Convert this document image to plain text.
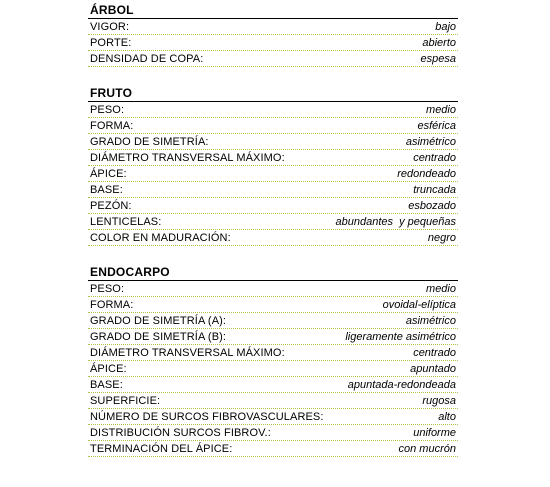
ÁRBOL
VIGOR:	bajo
PORTE:	abierto
DENSIDAD DE COPA:	espesa
FRUTO
PESO:	medio
FORMA:	esférica
GRADO DE SIMETRÍA:	asimétrico
DIÁMETRO TRANSVERSAL MÁXIMO:	centrado
ÁPICE:	redondeado
BASE:	truncada
PEZÓN:	esbozado
LENTICELAS:	abundantes  y pequeñas
COLOR EN MADURACIÓN:	negro
ENDOCARPO
PESO:	medio
FORMA:	ovoidal-elíptica
GRADO DE SIMETRÍA (A):	asimétrico
GRADO DE SIMETRÍA (B):	ligeramente asimétrico
DIÁMETRO TRANSVERSAL MÁXIMO:	centrado
ÁPICE:	apuntado
BASE:	apuntada-redondeada
SUPERFICIE:	rugosa
NÚMERO DE SURCOS FIBROVASCULARES:	alto
DISTRIBUCIÓN SURCOS FIBROV.:	uniforme
TERMINACIÓN DEL ÁPICE:	con mucrón
